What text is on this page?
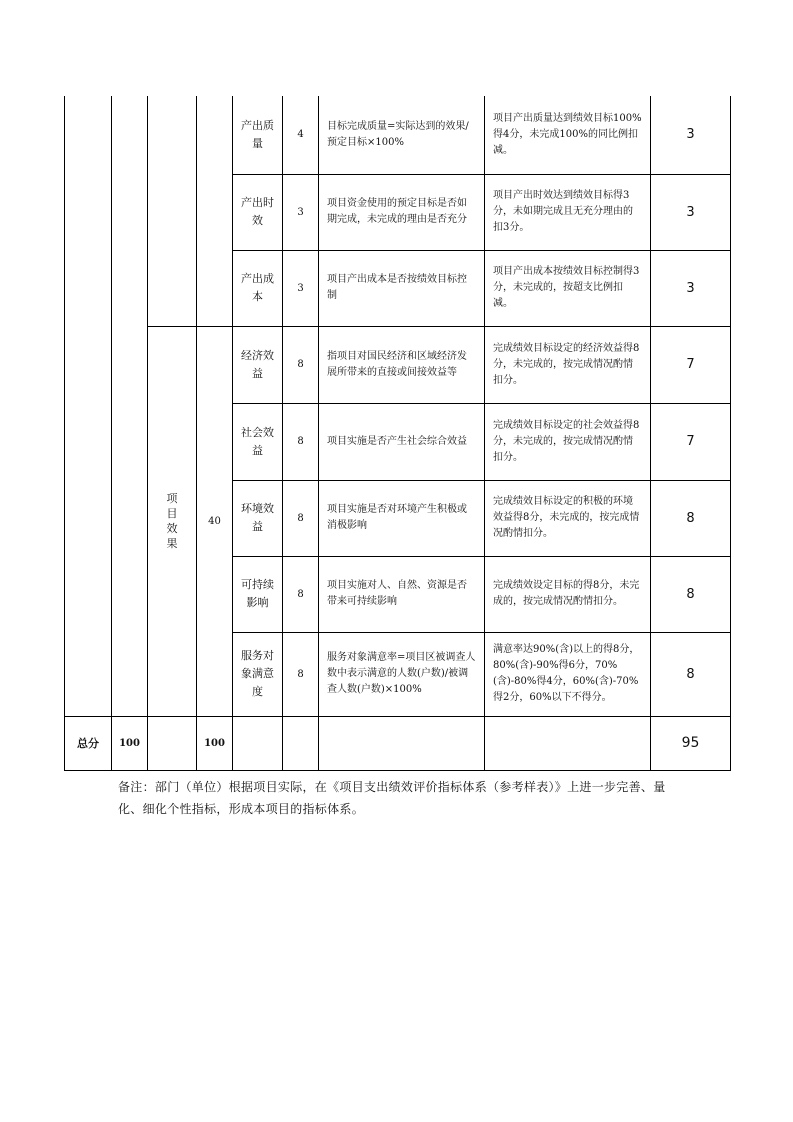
				产出质量	4	目标完成质量=实际达到的效果/预定目标×100%	项目产出质量达到绩效目标100%得4分，未完成100%的同比例扣减。	3
				产出时效	3	项目资金使用的预定目标是否如期完成，未完成的理由是否充分	项目产出时效达到绩效目标得3分，未如期完成且无充分理由的扣3分。	3
				产出成本	3	项目产出成本是否按绩效目标控制	项目产出成本按绩效目标控制得3分，未完成的，按超支比例扣减。	3

		项目效果	40	经济效益	8	指项目对国民经济和区域经济发展所带来的直接或间接效益等	完成绩效目标设定的经济效益得8分，未完成的，按完成情况酌情扣分。	7
				社会效益	8	项目实施是否产生社会综合效益	完成绩效目标设定的社会效益得8分，未完成的，按完成情况酌情扣分。	7
				环境效益	8	项目实施是否对环境产生积极或消极影响	完成绩效目标设定的积极的环境效益得8分，未完成的，按完成情况酌情扣分。	8
				可持续影响	8	项目实施对人、自然、资源是否带来可持续影响	完成绩效设定目标的得8分，未完成的，按完成情况酌情扣分。	8
				服务对象满意度	8	服务对象满意率=项目区被调查人数中表示满意的人数(户数)/被调查人数(户数)×100%	满意率达90%(含)以上的得8分，80%(含)-90%得6分，70%(含)-80%得4分，60%(含)-70%得2分，60%以下不得分。	8
总分	100		100					95
备注：部门（单位）根据项目实际，在《项目支出绩效评价指标体系（参考样表）》上进一步完善、量化、细化个性指标，形成本项目的指标体系。
